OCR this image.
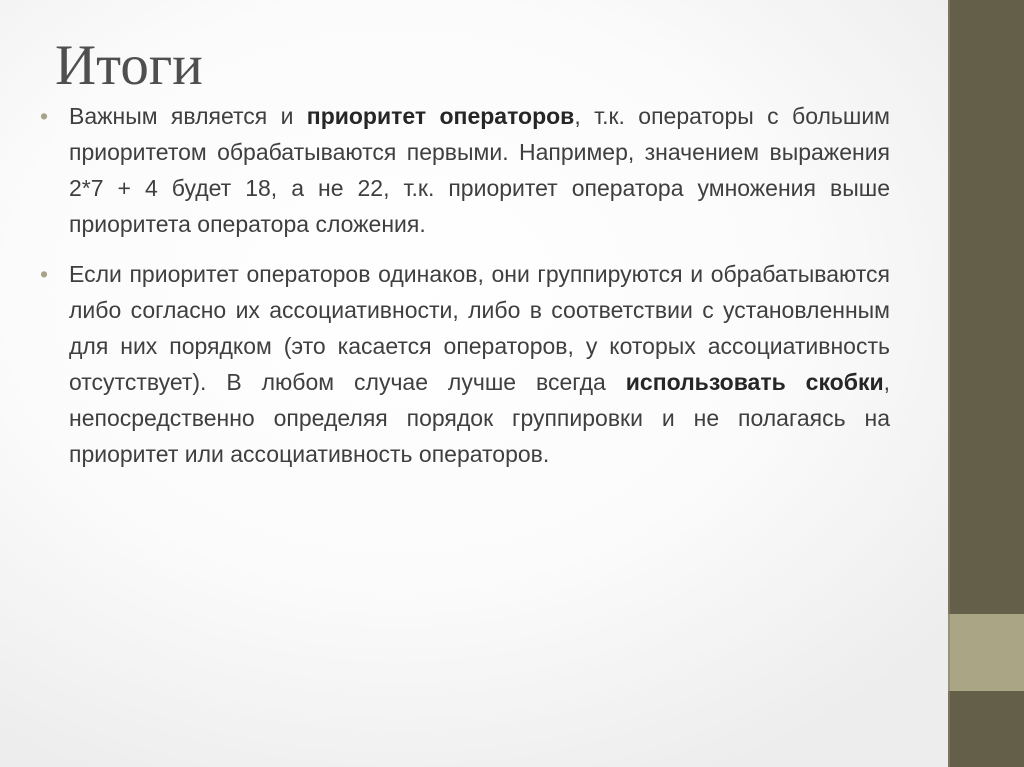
Итоги
• Важным является и приоритет операторов, т.к. операторы с большим приоритетом обрабатываются первыми. Например, значением выражения 2*7 + 4 будет 18, а не 22, т.к. приоритет оператора умножения выше приоритета оператора сложения.
• Если приоритет операторов одинаков, они группируются и обрабатываются либо согласно их ассоциативности, либо в соответствии с установленным для них порядком (это касается операторов, у которых ассоциативность отсутствует). В любом случае лучше всегда использовать скобки, непосредственно определяя порядок группировки и не полагаясь на приоритет или ассоциативность операторов.
